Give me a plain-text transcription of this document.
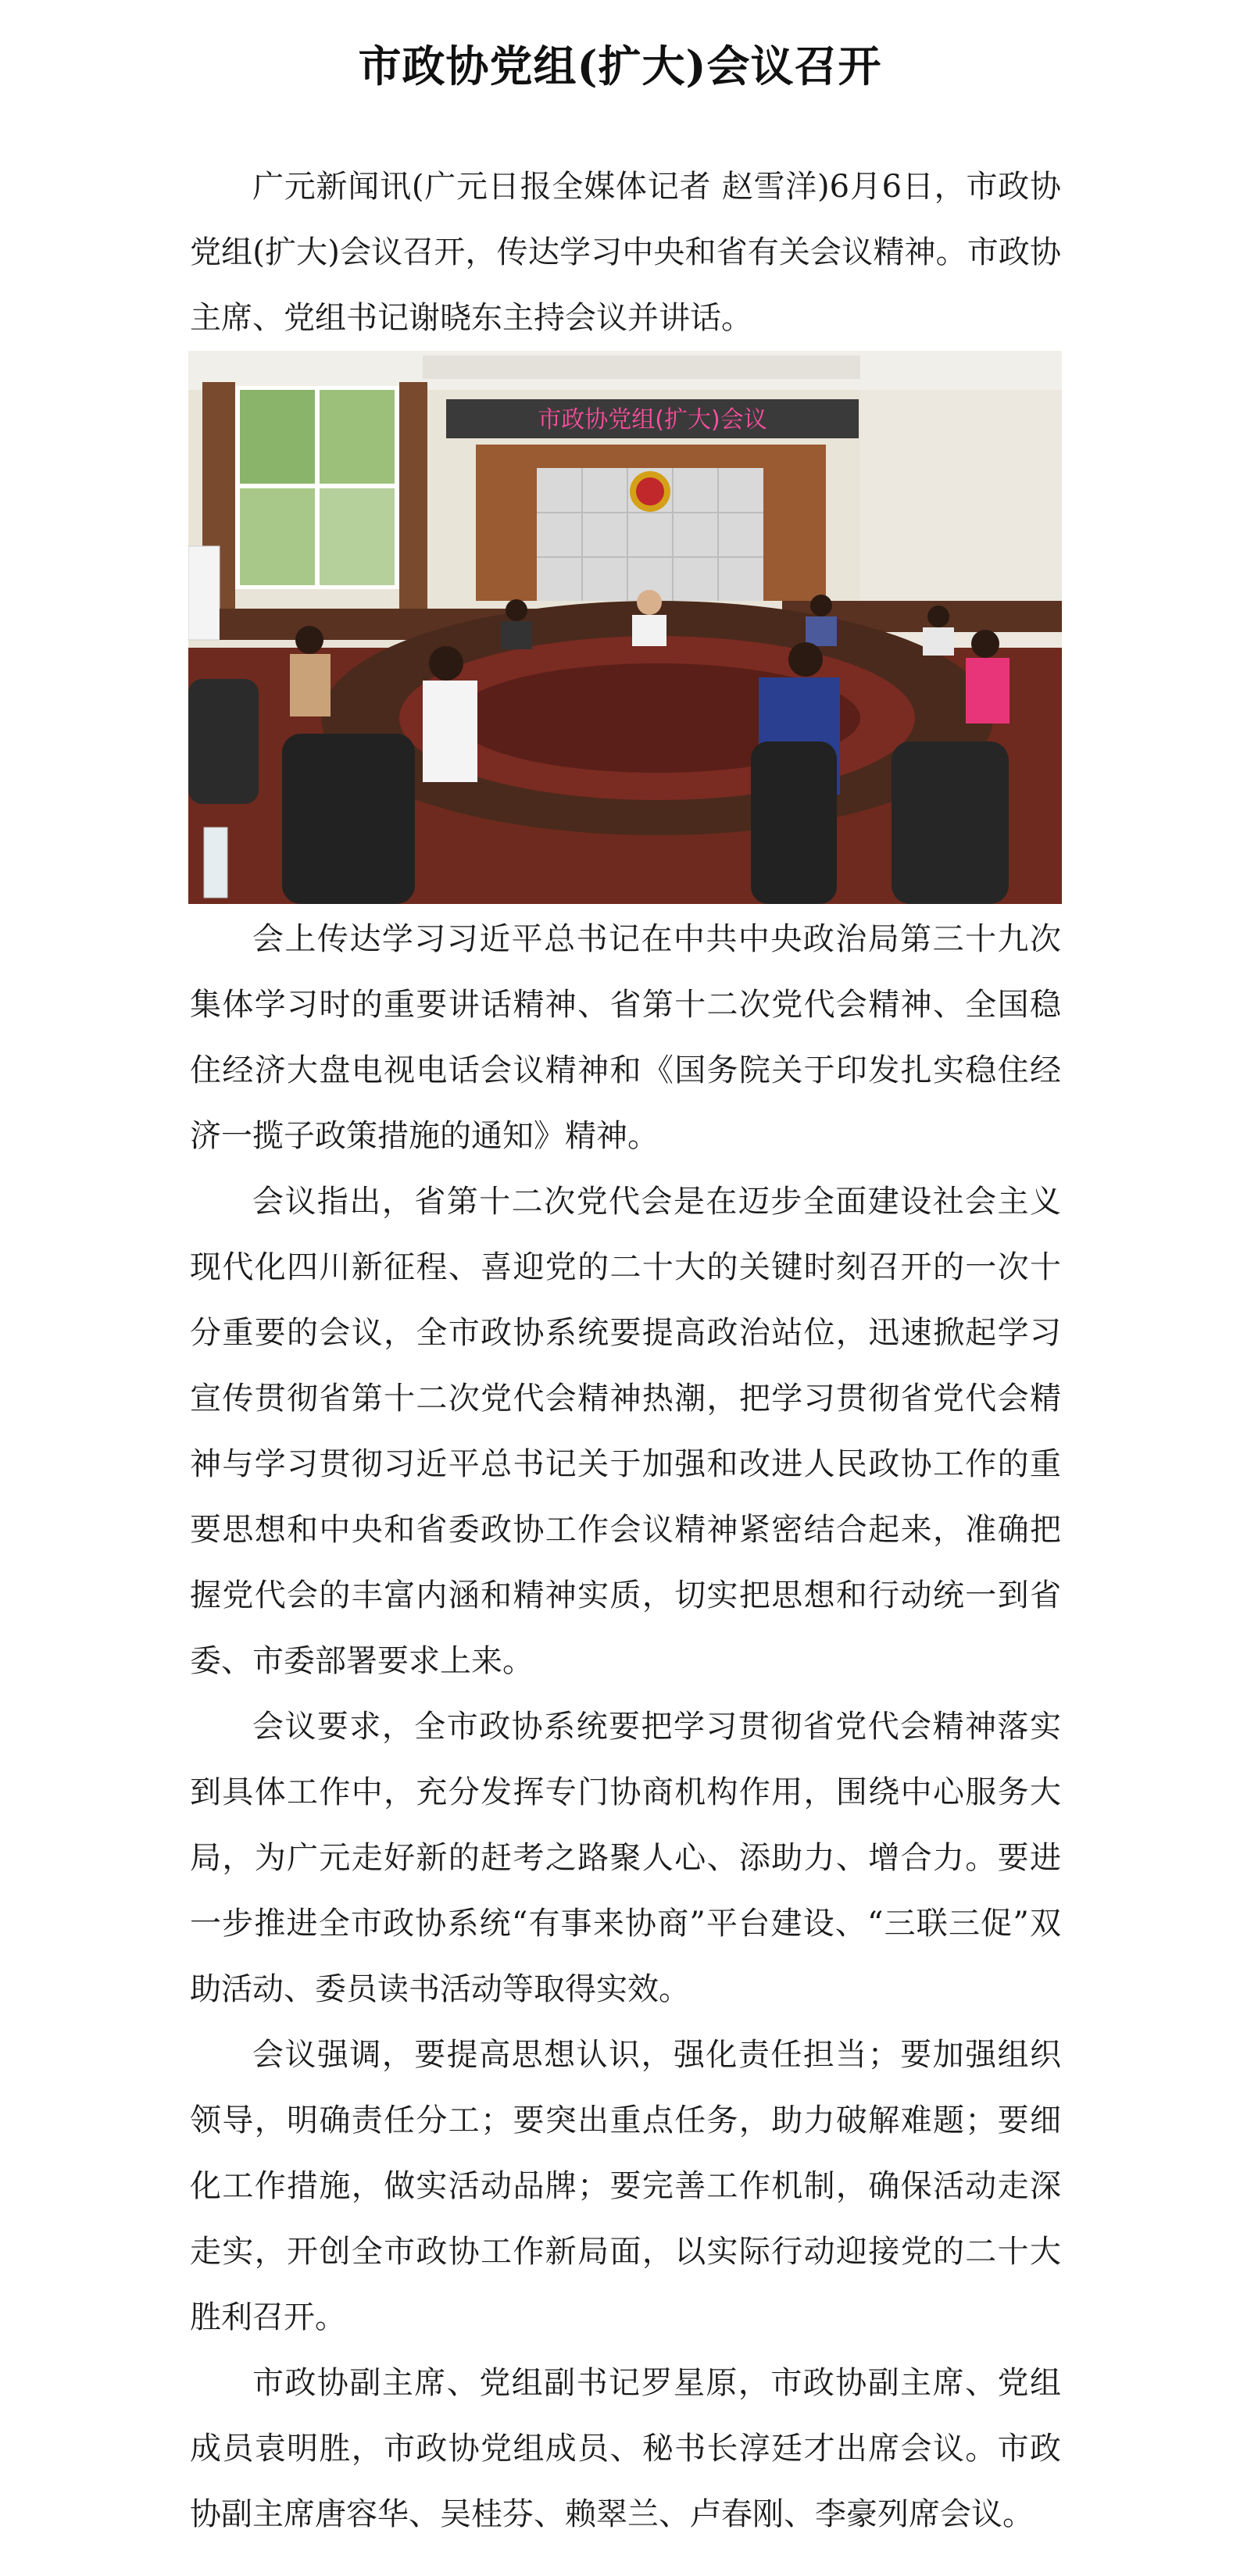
市政协党组(扩大)会议召开

广元新闻讯(广元日报全媒体记者 赵雪洋)6月6日，市政协党组(扩大)会议召开，传达学习中央和省有关会议精神。市政协主席、党组书记谢晓东主持会议并讲话。

市政协党组(扩大)会议

会上传达学习习近平总书记在中共中央政治局第三十九次集体学习时的重要讲话精神、省第十二次党代会精神、全国稳住经济大盘电视电话会议精神和《国务院关于印发扎实稳住经济一揽子政策措施的通知》精神。

会议指出，省第十二次党代会是在迈步全面建设社会主义现代化四川新征程、喜迎党的二十大的关键时刻召开的一次十分重要的会议，全市政协系统要提高政治站位，迅速掀起学习宣传贯彻省第十二次党代会精神热潮，把学习贯彻省党代会精神与学习贯彻习近平总书记关于加强和改进人民政协工作的重要思想和中央和省委政协工作会议精神紧密结合起来，准确把握党代会的丰富内涵和精神实质，切实把思想和行动统一到省委、市委部署要求上来。

会议要求，全市政协系统要把学习贯彻省党代会精神落实到具体工作中，充分发挥专门协商机构作用，围绕中心服务大局，为广元走好新的赶考之路聚人心、添助力、增合力。要进一步推进全市政协系统“有事来协商”平台建设、“三联三促”双助活动、委员读书活动等取得实效。

会议强调，要提高思想认识，强化责任担当；要加强组织领导，明确责任分工；要突出重点任务，助力破解难题；要细化工作措施，做实活动品牌；要完善工作机制，确保活动走深走实，开创全市政协工作新局面，以实际行动迎接党的二十大胜利召开。

市政协副主席、党组副书记罗星原，市政协副主席、党组成员袁明胜，市政协党组成员、秘书长淳廷才出席会议。市政协副主席唐容华、吴桂芬、赖翠兰、卢春刚、李豪列席会议。
